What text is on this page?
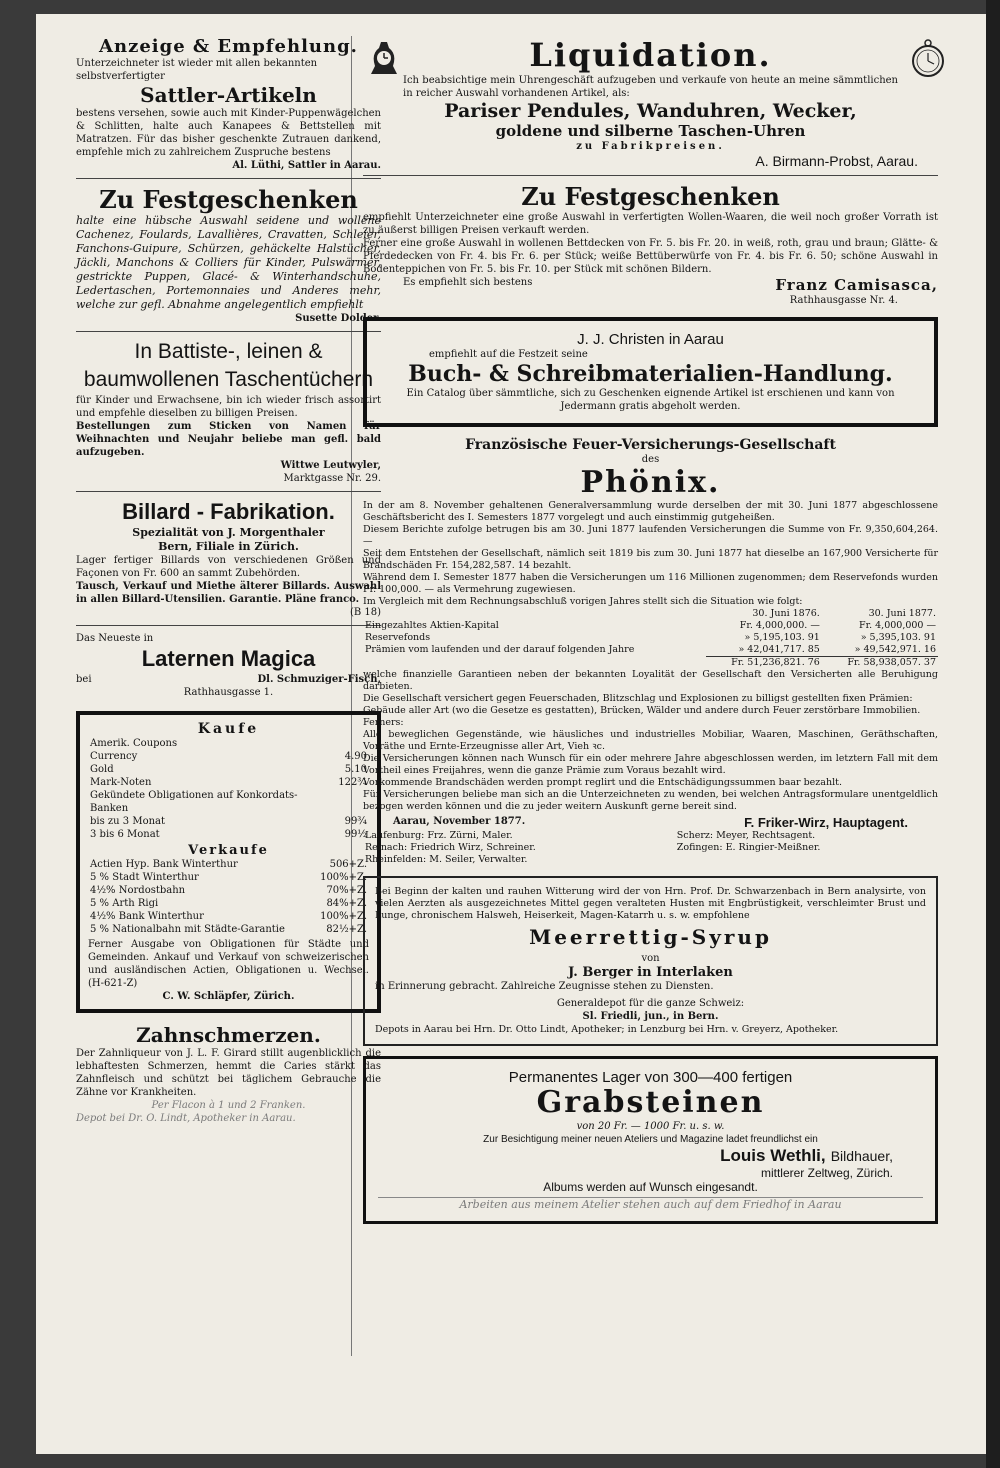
Anzeige & Empfehlung.
Unterzeichneter ist wieder mit allen bekannten selbstverfertigter
Sattler-Artikeln
bestens versehen, sowie auch mit Kinder-Puppenwägelchen & Schlitten, halte auch Kanapees & Bettstellen mit Matratzen. Für das bisher geschenkte Zutrauen dankend, empfehle mich zu zahlreichem Zuspruche bestens
Al. Lüthi, Sattler in Aarau.
Zu Festgeschenken
halte eine hübsche Auswahl seidene und wollene Cachenez, Foulards, Lavallières, Cravatten, Schleier, Fanchons-Guipure, Schürzen, gehäckelte Halstücher, Jäckli, Manchons & Colliers für Kinder, Pulswärmer, gestrickte Puppen, Glacé- & Winterhandschuhe, Ledertaschen, Portemonnaies und Anderes mehr, welche zur gefl. Abnahme angelegentlich empfiehlt
Susette Dolder.
In Battiste-, leinen & baumwollenen Taschentüchern
für Kinder und Erwachsene, bin ich wieder frisch assortirt und empfehle dieselben zu billigen Preisen.
Bestellungen zum Sticken von Namen für Weihnachten und Neujahr beliebe man gefl. bald aufzugeben.
Wittwe Leutwyler,
Marktgasse Nr. 29.
Billard - Fabrikation.
Spezialität von J. Morgenthaler
Bern, Filiale in Zürich.
Lager fertiger Billards von verschiedenen Größen und Façonen von Fr. 600 an sammt Zubehörden.
Tausch, Verkauf und Miethe älterer Billards. Auswahl in allen Billard-Utensilien. Garantie. Pläne franco.
(B 18)
Das Neueste in
Laternen Magica
bei	Dl. Schmuziger-Fisch,
Rathhausgasse 1.
Kaufe
Amerik. Coupons	
Currency	4.90
Gold	5.10
Mark-Noten	122¾
Gekündete Obligationen auf Konkordats-Banken	
bis zu 3 Monat	99¾
3 bis 6 Monat	99½
Verkaufe
Actien Hyp. Bank Winterthur	506+Z.
5 % Stadt Winterthur	100%+Z.
4½% Nordostbahn	70%+Z.
5 % Arth Rigi	84%+Z.
4½% Bank Winterthur	100%+Z.
5 % Nationalbahn mit Städte-Garantie	82½+Z.
Ferner Ausgabe von Obligationen für Städte und Gemeinden. Ankauf und Verkauf von schweizerischen und ausländischen Actien, Obligationen u. Wechsel. (H-621-Z)
C. W. Schläpfer, Zürich.
Zahnschmerzen.
Der Zahnliqueur von J. L. F. Girard stillt augenblicklich die lebhaftesten Schmerzen, hemmt die Caries stärkt das Zahnfleisch und schützt bei täglichem Gebrauche die Zähne vor Krankheiten.
Per Flacon à 1 und 2 Franken.
Depot bei Dr. O. Lindt, Apotheker in Aarau.
Liquidation.
Ich beabsichtige mein Uhrengeschäft aufzugeben und verkaufe von heute an meine sämmtlichen in reicher Auswahl vorhandenen Artikel, als:
Pariser Pendules, Wanduhren, Wecker,
goldene und silberne Taschen-Uhren
zu Fabrikpreisen.
A. Birmann-Probst, Aarau.
Zu Festgeschenken
empfiehlt Unterzeichneter eine große Auswahl in verfertigten Wollen-Waaren, die weil noch großer Vorrath ist zu äußerst billigen Preisen verkauft werden.
Ferner eine große Auswahl in wollenen Bettdecken von Fr. 5. bis Fr. 20. in weiß, roth, grau und braun; Glätte- & Pferdedecken von Fr. 4. bis Fr. 6. per Stück; weiße Bettüberwürfe von Fr. 4. bis Fr. 6. 50; schöne Auswahl in Bodenteppichen von Fr. 5. bis Fr. 10. per Stück mit schönen Bildern.
Es empfiehlt sich bestens	Franz Camisasca,
Rathhausgasse Nr. 4.
J. J. Christen in Aarau
empfiehlt auf die Festzeit seine
Buch- & Schreibmaterialien-Handlung.
Ein Catalog über sämmtliche, sich zu Geschenken eignende Artikel ist erschienen und kann von Jedermann gratis abgeholt werden.
Französische Feuer-Versicherungs-Gesellschaft
des
Phönix.
In der am 8. November gehaltenen Generalversammlung wurde derselben der mit 30. Juni 1877 abgeschlossene Geschäftsbericht des I. Semesters 1877 vorgelegt und auch einstimmig gutgeheißen.
Diesem Berichte zufolge betrugen bis am 30. Juni 1877 laufenden Versicherungen die Summe von Fr. 9,350,604,264. —
Seit dem Entstehen der Gesellschaft, nämlich seit 1819 bis zum 30. Juni 1877 hat dieselbe an 167,900 Versicherte für Brandschäden Fr. 154,282,587. 14 bezahlt.
Während dem I. Semester 1877 haben die Versicherungen um 116 Millionen zugenommen; dem Reservefonds wurden Fr. 100,000. — als Vermehrung zugewiesen.
Im Vergleich mit dem Rechnungsabschluß vorigen Jahres stellt sich die Situation wie folgt:
	30. Juni 1876.	30. Juni 1877.
Eingezahltes Aktien-Kapital	Fr. 4,000,000. —	Fr. 4,000,000 —
Reservefonds	» 5,195,103. 91	» 5,395,103. 91
Prämien vom laufenden und der darauf folgenden Jahre	» 42,041,717. 85	» 49,542,971. 16
	Fr. 51,236,821. 76	Fr. 58,938,057. 37
welche finanzielle Garantieen neben der bekannten Loyalität der Gesellschaft den Versicherten alle Beruhigung darbieten.
Die Gesellschaft versichert gegen Feuerschaden, Blitzschlag und Explosionen zu billigst gestellten fixen Prämien:
Gebäude aller Art (wo die Gesetze es gestatten), Brücken, Wälder und andere durch Feuer zerstörbare Immobilien.
Ferners:
Alle beweglichen Gegenstände, wie häusliches und industrielles Mobiliar, Waaren, Maschinen, Geräthschaften, Vorräthe und Ernte-Erzeugnisse aller Art, Vieh ꝛc.
Die Versicherungen können nach Wunsch für ein oder mehrere Jahre abgeschlossen werden, im letztern Fall mit dem Vortheil eines Freijahres, wenn die ganze Prämie zum Voraus bezahlt wird.
Vorkommende Brandschäden werden prompt reglirt und die Entschädigungssummen baar bezahlt.
Für Versicherungen beliebe man sich an die Unterzeichneten zu wenden, bei welchen Antragsformulare unentgeldlich bezogen werden können und die zu jeder weitern Auskunft gerne bereit sind.
Aarau, November 1877.	F. Friker-Wirz, Hauptagent.
Laufenburg: Frz. Zürni, Maler.	Scherz: Meyer, Rechtsagent.
Reinach: Friedrich Wirz, Schreiner.	Zofingen: E. Ringier-Meißner.
Rheinfelden: M. Seiler, Verwalter.	
Bei Beginn der kalten und rauhen Witterung wird der von Hrn. Prof. Dr. Schwarzenbach in Bern analysirte, von vielen Aerzten als ausgezeichnetes Mittel gegen veralteten Husten mit Engbrüstigkeit, verschleimter Brust und Lunge, chronischem Halsweh, Heiserkeit, Magen-Katarrh u. s. w. empfohlene
Meerrettig-Syrup
von
J. Berger in Interlaken
in Erinnerung gebracht. Zahlreiche Zeugnisse stehen zu Diensten.
Generaldepot für die ganze Schweiz:
Sl. Friedli, jun., in Bern.
Depots in Aarau bei Hrn. Dr. Otto Lindt, Apotheker; in Lenzburg bei Hrn. v. Greyerz, Apotheker.
Permanentes Lager von 300—400 fertigen
Grabsteinen
von 20 Fr. — 1000 Fr. u. s. w.
Zur Besichtigung meiner neuen Ateliers und Magazine ladet freundlichst ein
Louis Wethli, Bildhauer,
mittlerer Zeltweg, Zürich.
Albums werden auf Wunsch eingesandt.
Arbeiten aus meinem Atelier stehen auch auf dem Friedhof in Aarau
